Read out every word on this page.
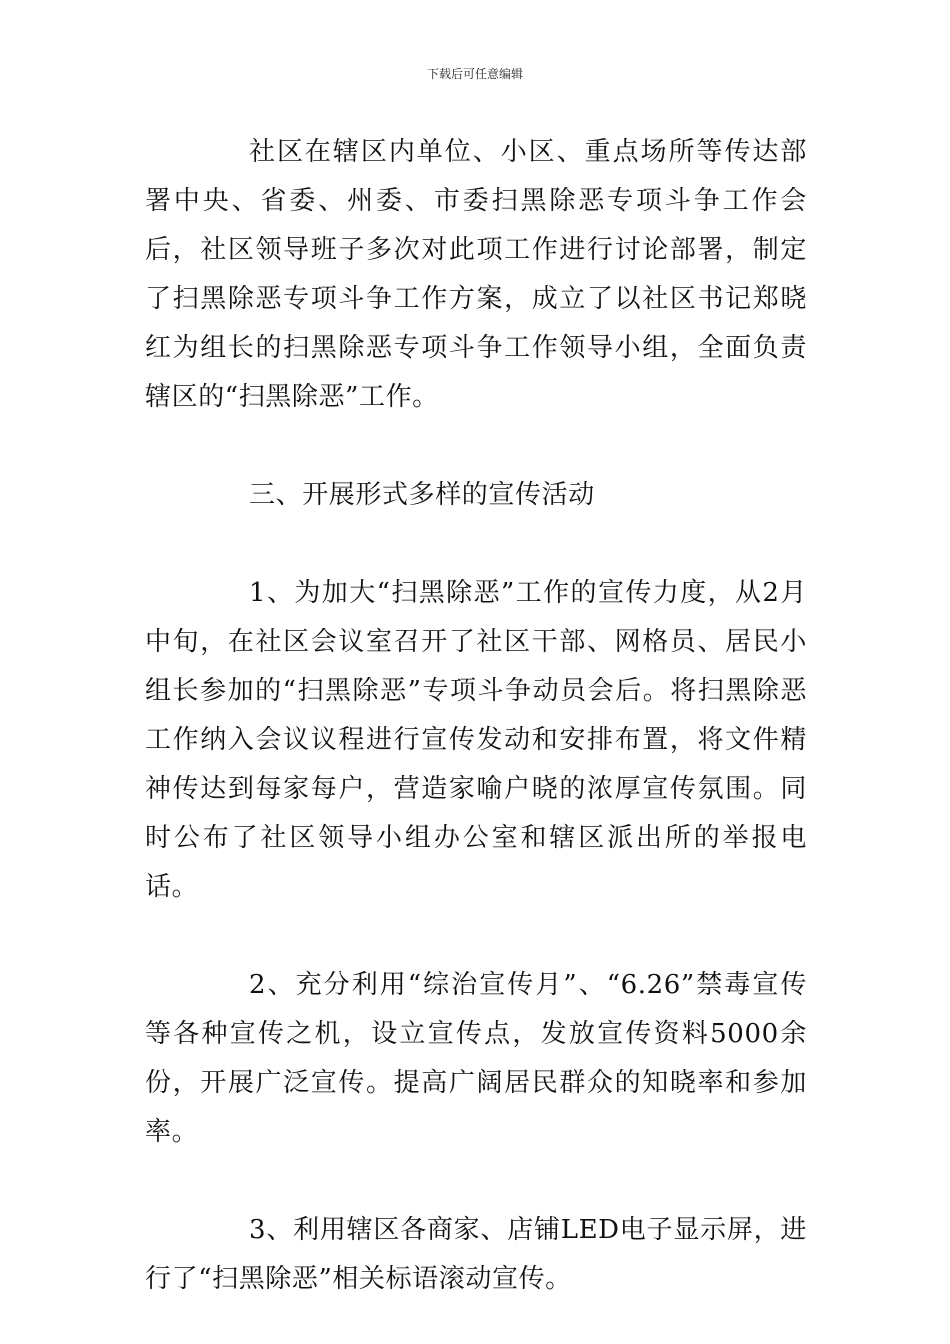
下载后可任意编辑

社区在辖区内单位、小区、重点场所等传达部署中央、省委、州委、市委扫黑除恶专项斗争工作会后，社区领导班子多次对此项工作进行讨论部署，制定了扫黑除恶专项斗争工作方案，成立了以社区书记郑晓红为组长的扫黑除恶专项斗争工作领导小组，全面负责辖区的“扫黑除恶”工作。

三、开展形式多样的宣传活动

1、为加大“扫黑除恶”工作的宣传力度，从2月中旬，在社区会议室召开了社区干部、网格员、居民小组长参加的“扫黑除恶”专项斗争动员会后。将扫黑除恶工作纳入会议议程进行宣传发动和安排布置，将文件精神传达到每家每户，营造家喻户晓的浓厚宣传氛围。同时公布了社区领导小组办公室和辖区派出所的举报电话。

2、充分利用“综治宣传月”、“6.26”禁毒宣传等各种宣传之机，设立宣传点，发放宣传资料5000余份，开展广泛宣传。提高广阔居民群众的知晓率和参加率。

3、利用辖区各商家、店铺LED电子显示屏，进行了“扫黑除恶”相关标语滚动宣传。
